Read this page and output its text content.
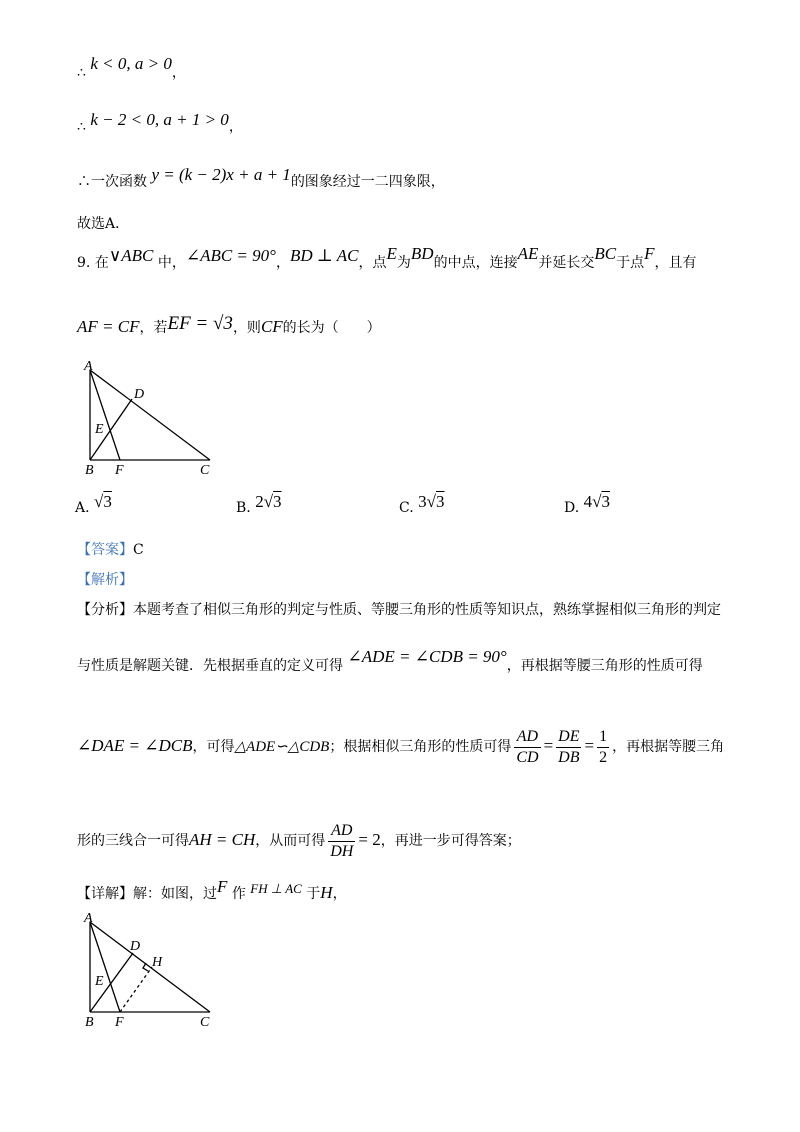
∴ k < 0, a > 0，
∴ k − 2 < 0, a + 1 > 0，
∴一次函数 y = (k − 2)x + a + 1的图象经过一二四象限，
故选A．
9. 在∨ABC 中，∠ABC = 90°，BD ⊥ AC，点E为BD的中点，连接AE并延长交BC于点F，且有
AF = CF，若EF = √3，则CF的长为（　　）
A
D
E
B F	C
A. √3	B. 2√3	C. 3√3	D. 4√3
【答案】C
【解析】
【分析】本题考查了相似三角形的判定与性质、等腰三角形的性质等知识点，熟练掌握相似三角形的判定
与性质是解题关键．先根据垂直的定义可得 ∠ADE = ∠CDB = 90°，再根据等腰三角形的性质可得
∠DAE = ∠DCB，可得△ADE∽△CDB；根据相似三角形的性质可得 $\frac{AD}{CD} = \frac{DE}{DB} = \frac{1}{2}$ ，再根据等腰三角
形的三线合一可得AH = CH，从而可得 $\frac{AD}{DH} = 2$，再进一步可得答案；
【详解】解：如图，过F 作 FH ⊥ AC 于H，
A
D
H
E
B F	C
